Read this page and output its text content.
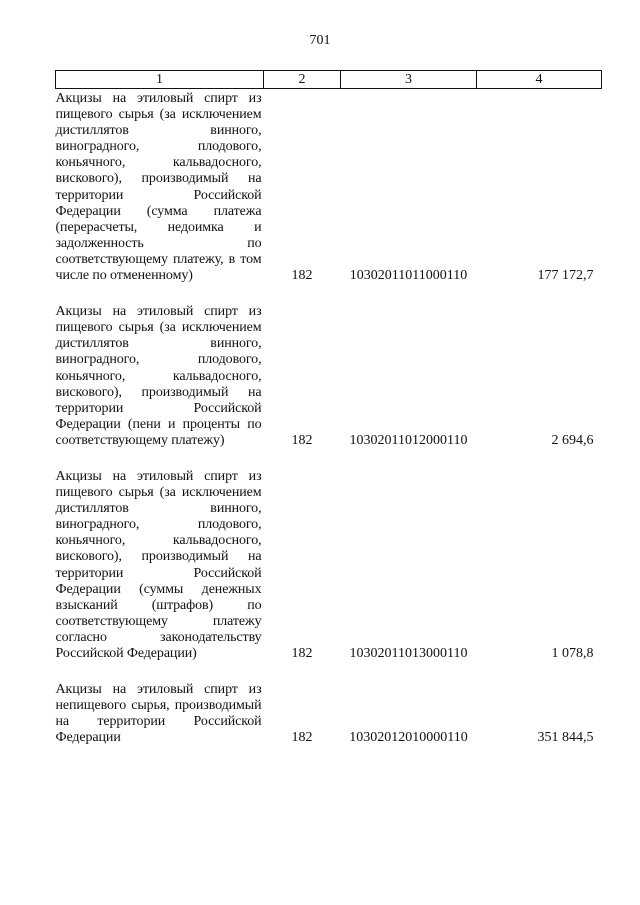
701
1	2	3	4

Акцизы на этиловый спирт из пищевого сырья (за исключением дистиллятов винного, виноградного, плодового, коньячного, кальвадосного, вискового), производимый на территории Российской Федерации (сумма платежа (перерасчеты, недоимка и задолженность по соответствующему платежу, в том числе по отмененному)	182	10302011011000110	177 172,7

Акцизы на этиловый спирт из пищевого сырья (за исключением дистиллятов винного, виноградного, плодового, коньячного, кальвадосного, вискового), производимый на территории Российской Федерации (пени и проценты по соответствующему платежу)	182	10302011012000110	2 694,6

Акцизы на этиловый спирт из пищевого сырья (за исключением дистиллятов винного, виноградного, плодового, коньячного, кальвадосного, вискового), производимый на территории Российской Федерации (суммы денежных взысканий (штрафов) по соответствующему платежу согласно законодательству Российской Федерации)	182	10302011013000110	1 078,8

Акцизы на этиловый спирт из непищевого сырья, производимый на территории Российской Федерации	182	10302012010000110	351 844,5
